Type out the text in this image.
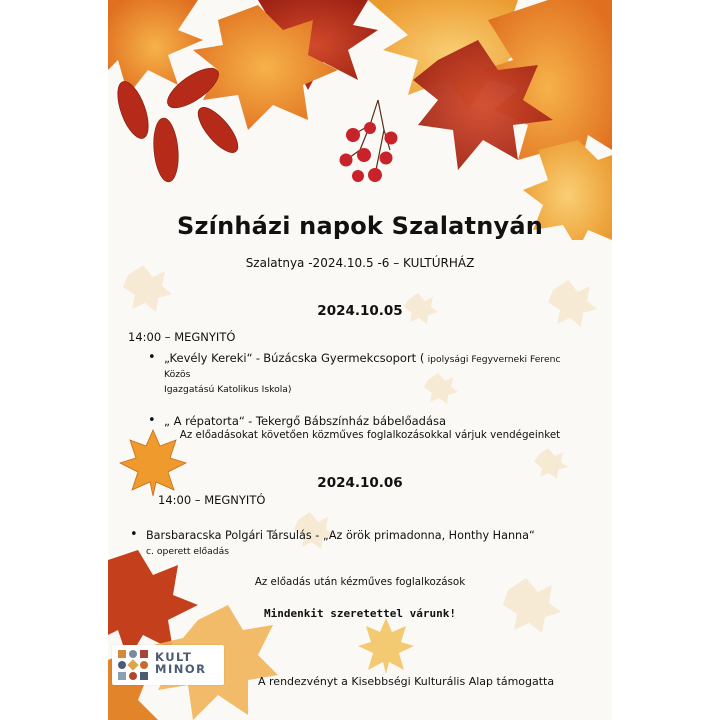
Színházi napok Szalatnyán
Szalatnya -2024.10.5 -6 – KULTÚRHÁZ
2024.10.05
14:00 – MEGNYITÓ
• „Kevély Kereki“ - Búzácska Gyermekcsoport ( ipolysági Fegyverneki Ferenc Közös
Igazgatású Katolikus Iskola)
• „ A répatorta“ - Tekergő Bábszínház bábelőadása
Az előadásokat követően közműves foglalkozásokkal várjuk vendégeinket
2024.10.06
14:00 – MEGNYITÓ
• Barsbaracska Polgári Társulás - „Az örök primadonna, Honthy Hanna“
c. operett előadás
Az előadás után kézműves foglalkozások
Mindenkit szeretettel várunk!
KULT
MINOR

A rendezvényt a Kisebbségi Kulturális Alap támogatta
